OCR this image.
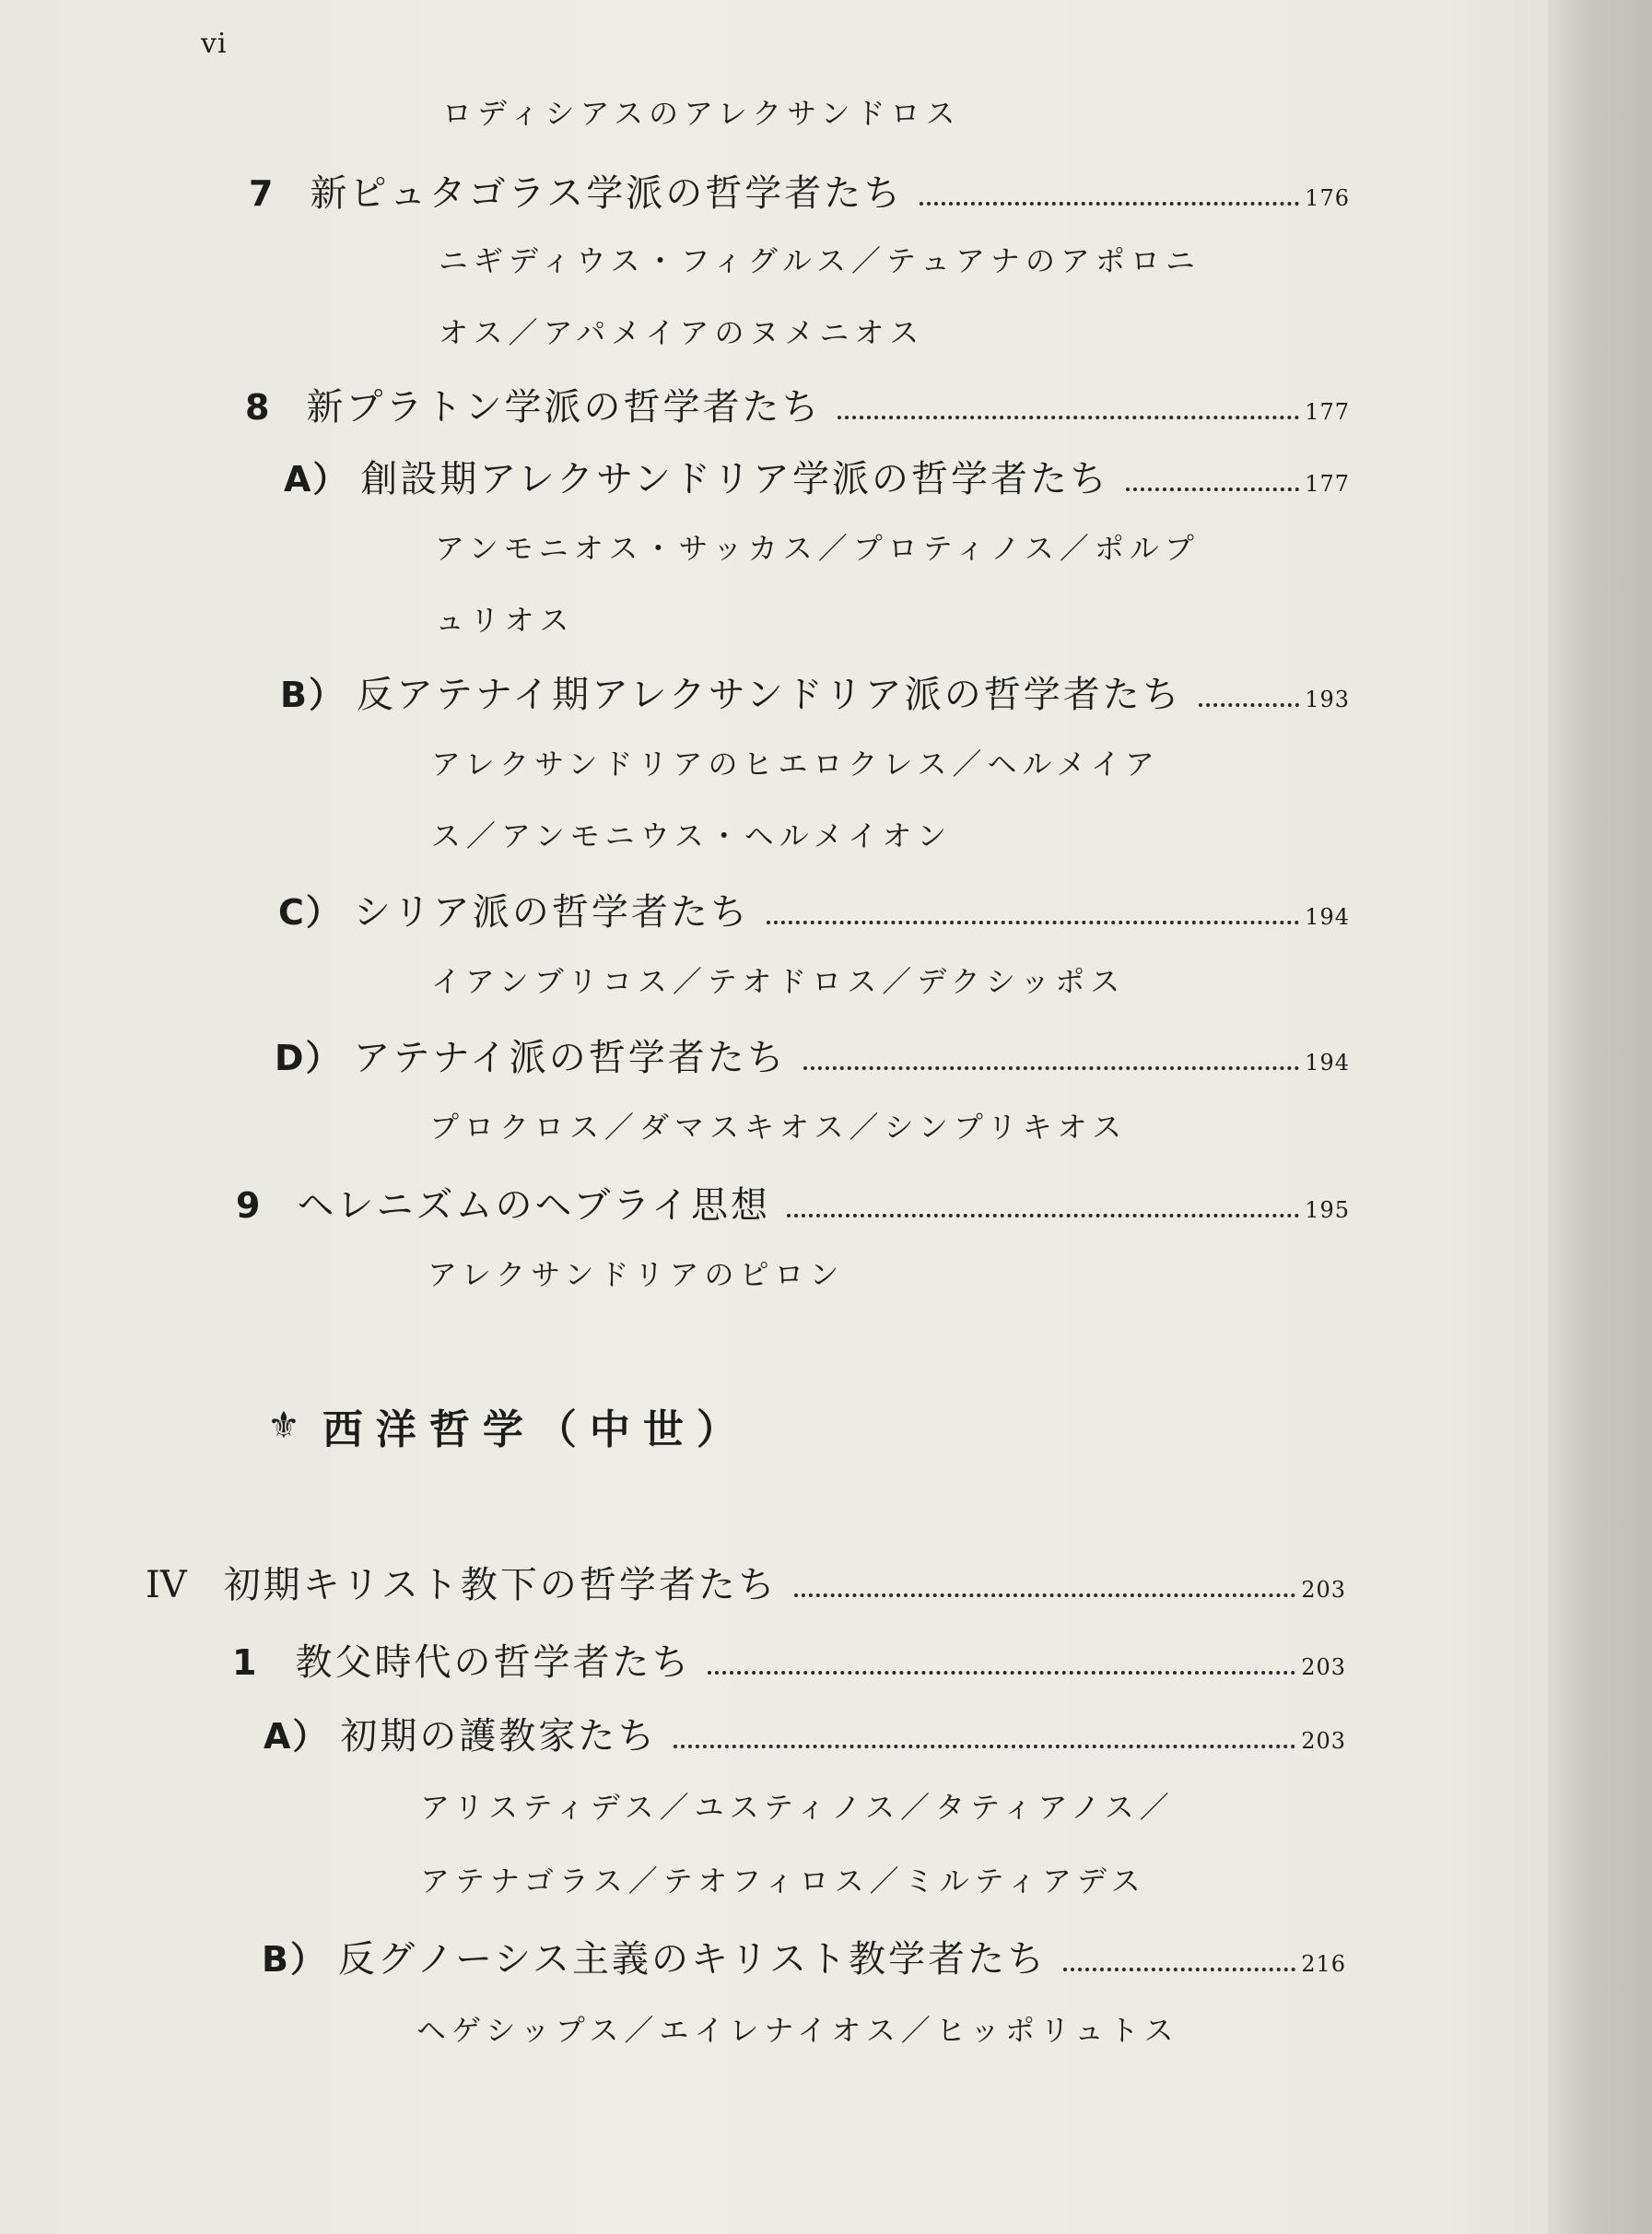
vi
ロディシアスのアレクサンドロス
7 新ピュタゴラス学派の哲学者たち	176
ニギディウス・フィグルス／テュアナのアポロニ
オス／アパメイアのヌメニオス
8 新プラトン学派の哲学者たち	177
A） 創設期アレクサンドリア学派の哲学者たち	177
アンモニオス・サッカス／プロティノス／ポルプ
ュリオス
B） 反アテナイ期アレクサンドリア派の哲学者たち	193
アレクサンドリアのヒエロクレス／ヘルメイア
ス／アンモニウス・ヘルメイオン
C） シリア派の哲学者たち	194
イアンブリコス／テオドロス／デクシッポス
D） アテナイ派の哲学者たち	194
プロクロス／ダマスキオス／シンプリキオス
9 ヘレニズムのヘブライ思想	195
アレクサンドリアのピロン
⚜ 西洋哲学（中世）
IV 初期キリスト教下の哲学者たち	203
1 教父時代の哲学者たち	203
A） 初期の護教家たち	203
アリスティデス／ユスティノス／タティアノス／
アテナゴラス／テオフィロス／ミルティアデス
B） 反グノーシス主義のキリスト教学者たち	216
ヘゲシップス／エイレナイオス／ヒッポリュトス
